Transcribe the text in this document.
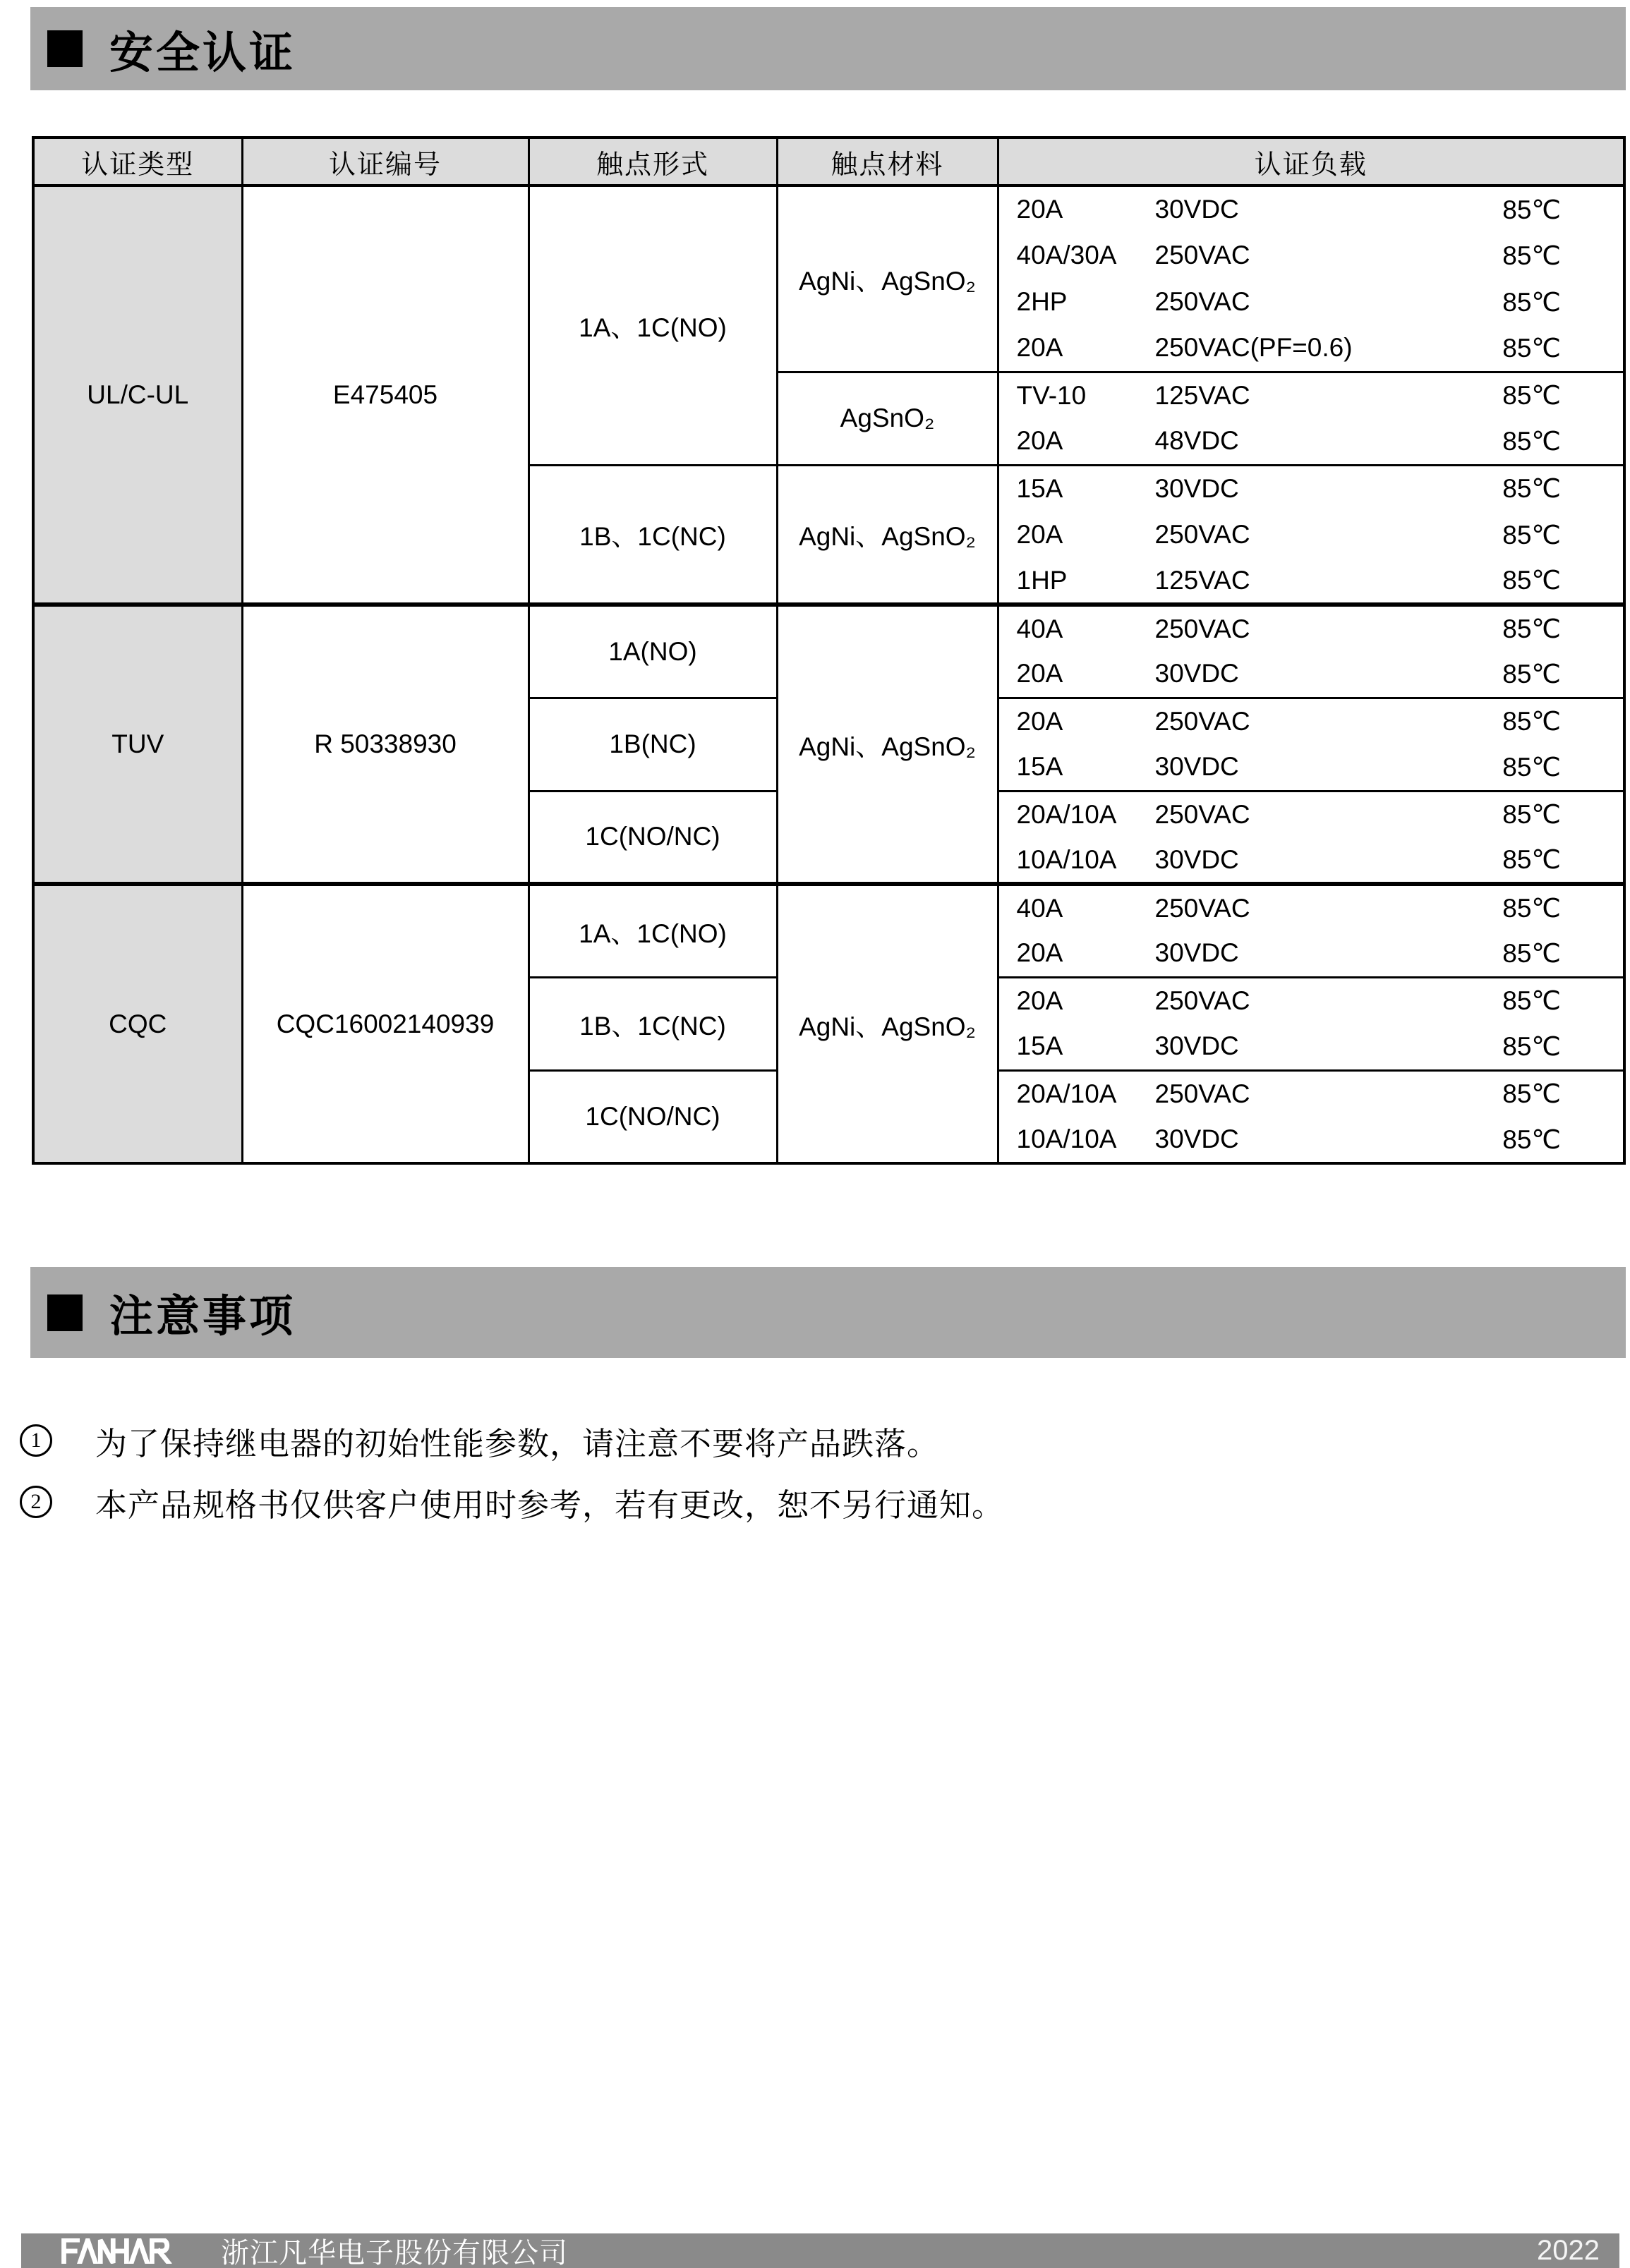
安全认证
认证类型	认证编号	触点形式	触点材料	认证负载
UL/C-UL	E475405	1A、1C(NO)	AgNi、AgSnO₂	20A 30VDC 85℃

				40A/30A 250VAC 85℃

				2HP 250VAC 85℃

				20A 250VAC(PF=0.6) 85℃

			AgSnO₂	TV-10 125VAC 85℃

				20A 48VDC 85℃

		1B、1C(NC)	AgNi、AgSnO₂	15A 30VDC 85℃

				20A 250VAC 85℃

				1HP 125VAC 85℃

TUV	R 50338930	1A(NO)	AgNi、AgSnO₂	40A 250VAC 85℃

				20A 30VDC 85℃

		1B(NC)		20A 250VAC 85℃

				15A 30VDC 85℃

		1C(NO/NC)		20A/10A 250VAC 85℃

				10A/10A 30VDC 85℃

CQC	CQC16002140939	1A、1C(NO)	AgNi、AgSnO₂	40A 250VAC 85℃

				20A 30VDC 85℃

		1B、1C(NC)		20A 250VAC 85℃

				15A 30VDC 85℃

		1C(NO/NC)		20A/10A 250VAC 85℃

				10A/10A 30VDC 85℃
注意事项
1 为了保持继电器的初始性能参数，请注意不要将产品跌落。
2 本产品规格书仅供客户使用时参考，若有更改，恕不另行通知。
浙江凡华电子股份有限公司	2022
